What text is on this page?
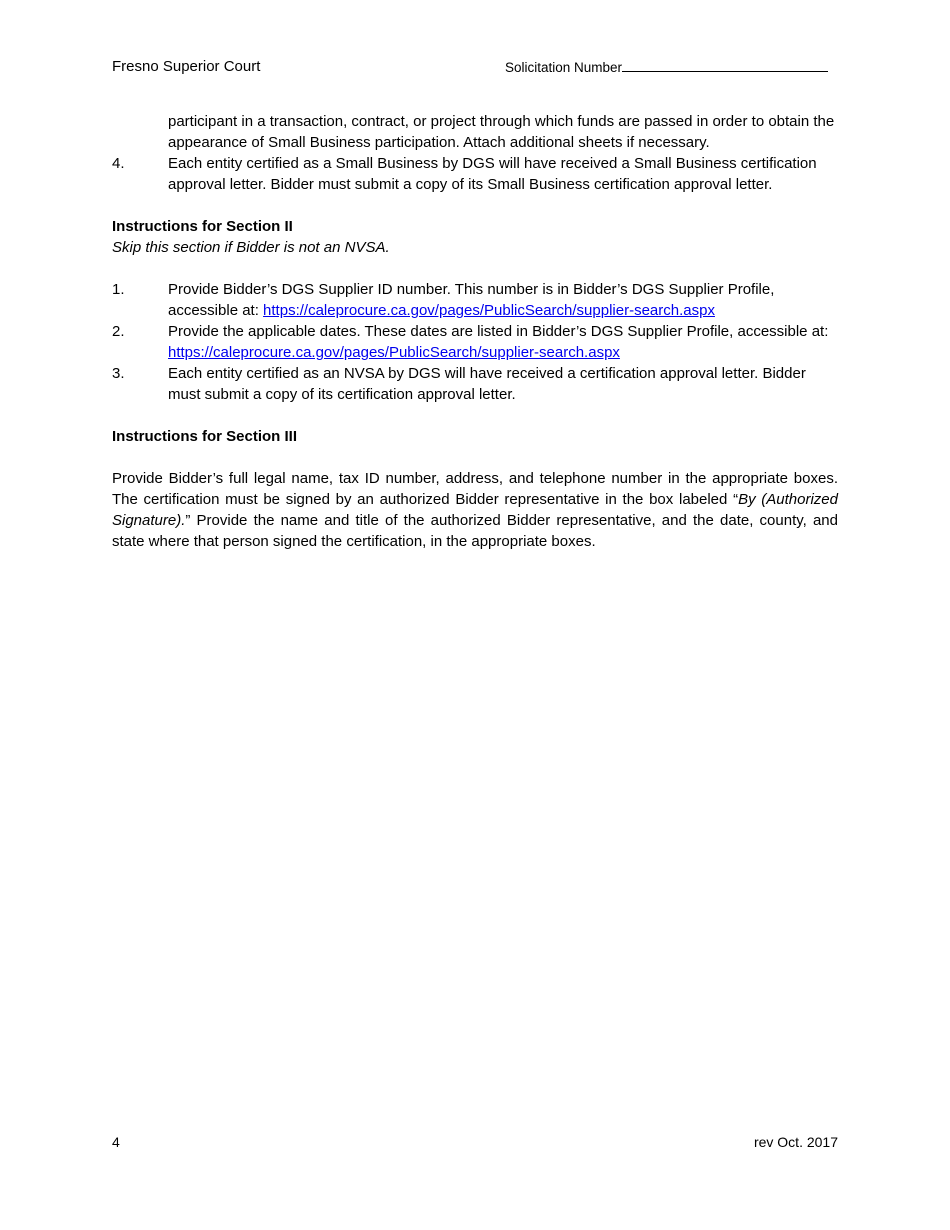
Fresno Superior Court	Solicitation Number

participant in a transaction, contract, or project through which funds are passed in order to obtain the appearance of Small Business participation. Attach additional sheets if necessary.

4.	Each entity certified as a Small Business by DGS will have received a Small Business certification approval letter. Bidder must submit a copy of its Small Business certification approval letter.
Instructions for Section II
Skip this section if Bidder is not an NVSA.
1.	Provide Bidder’s DGS Supplier ID number. This number is in Bidder’s DGS Supplier Profile, accessible at: https://caleprocure.ca.gov/pages/PublicSearch/supplier-search.aspx
2.	Provide the applicable dates. These dates are listed in Bidder’s DGS Supplier Profile, accessible at:
https://caleprocure.ca.gov/pages/PublicSearch/supplier-search.aspx
3.	Each entity certified as an NVSA by DGS will have received a certification approval letter. Bidder must submit a copy of its certification approval letter.
Instructions for Section III

Provide Bidder’s full legal name, tax ID number, address, and telephone number in the appropriate boxes. The certification must be signed by an authorized Bidder representative in the box labeled “By (Authorized Signature).” Provide the name and title of the authorized Bidder representative, and the date, county, and state where that person signed the certification, in the appropriate boxes.

4	rev Oct. 2017
